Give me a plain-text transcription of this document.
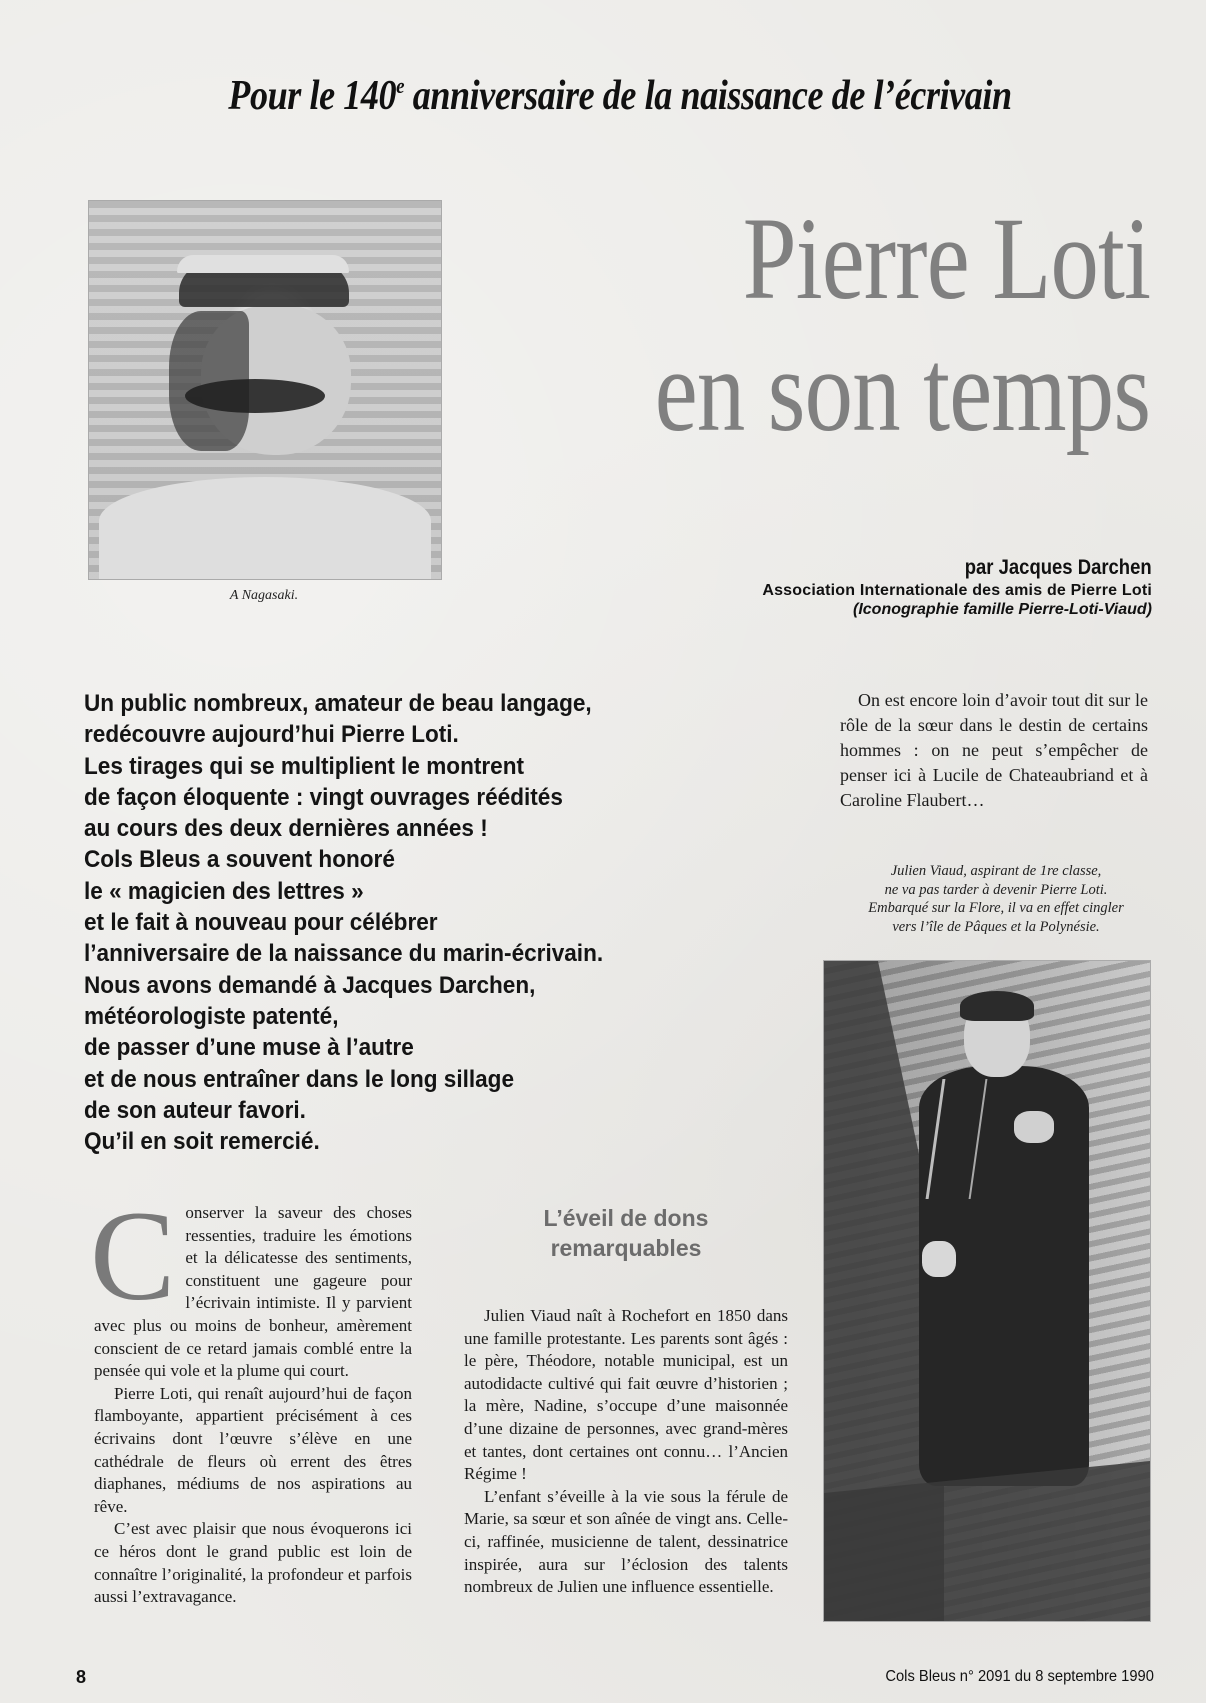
Pour le 140e anniversaire de la naissance de l’écrivain
Pierre Loti
en son temps
A Nagasaki.
par Jacques Darchen
Association Internationale des amis de Pierre Loti
(Iconographie famille Pierre-Loti-Viaud)
Un public nombreux, amateur de beau langage,
redécouvre aujourd’hui Pierre Loti.
Les tirages qui se multiplient le montrent
de façon éloquente : vingt ouvrages réédités
au cours des deux dernières années !
Cols Bleus a souvent honoré
le « magicien des lettres »
et le fait à nouveau pour célébrer
l’anniversaire de la naissance du marin-écrivain.
Nous avons demandé à Jacques Darchen,
météorologiste patenté,
de passer d’une muse à l’autre
et de nous entraîner dans le long sillage
de son auteur favori.
Qu’il en soit remercié.
On est encore loin d’avoir tout dit sur le rôle de la sœur dans le destin de certains hommes : on ne peut s’empêcher de penser ici à Lucile de Chateaubriand et à Caroline Flaubert…
Julien Viaud, aspirant de 1re classe,
ne va pas tarder à devenir Pierre Loti.
Embarqué sur la Flore, il va en effet cingler
vers l’île de Pâques et la Polynésie.

Conserver la saveur des choses ressenties, traduire les émotions et la délicatesse des sentiments, constituent une gageure pour l’écrivain intimiste. Il y parvient avec plus ou moins de bonheur, amèrement conscient de ce retard jamais comblé entre la pensée qui vole et la plume qui court.

Pierre Loti, qui renaît aujourd’hui de façon flamboyante, appartient précisément à ces écrivains dont l’œuvre s’élève en une cathédrale de fleurs où errent des êtres diaphanes, médiums de nos aspirations au rêve.

C’est avec plaisir que nous évoquerons ici ce héros dont le grand public est loin de connaître l’originalité, la profondeur et parfois aussi l’extravagance.

L’éveil de dons
remarquables

Julien Viaud naît à Rochefort en 1850 dans une famille protestante. Les parents sont âgés : le père, Théodore, notable municipal, est un autodidacte cultivé qui fait œuvre d’historien ; la mère, Nadine, s’occupe d’une maisonnée d’une dizaine de personnes, avec grand-mères et tantes, dont certaines ont connu… l’Ancien Régime !

L’enfant s’éveille à la vie sous la férule de Marie, sa sœur et son aînée de vingt ans. Celle-ci, raffinée, musicienne de talent, dessinatrice inspirée, aura sur l’éclosion des talents nombreux de Julien une influence essentielle.

8	Cols Bleus n° 2091 du 8 septembre 1990
